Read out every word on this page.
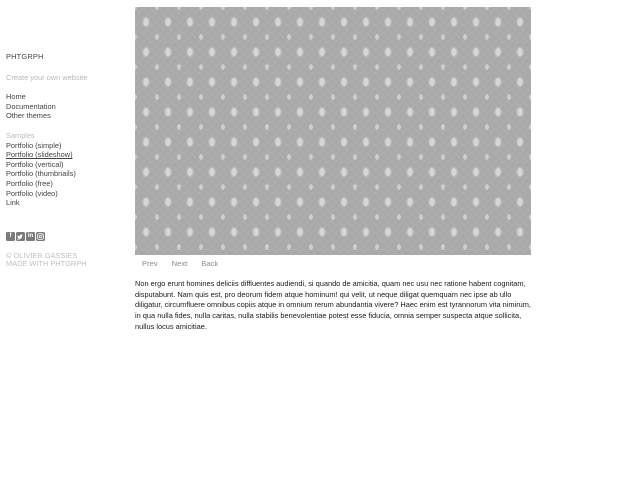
PHTGRPH
Create your own website
Home
Documentation
Other themes
Samples
Portfolio (simple)
Portfolio (slideshow)
Portfolio (vertical)
Portfolio (thumbnails)
Portfolio (free)
Portfolio (video)
Link
f	in
© OLIVIER GASSIES
MADE WITH PHTGRPH	Prev Next Back

Non ergo erunt homines deliciis diffluentes audiendi, si quando de amicitia, quam nec usu nec ratione habent cognitam, disputabunt. Nam quis est, pro deorum fidem atque hominum! qui velit, ut neque diligat quemquam nec ipse ab ullo diligatur, circumfluere omnibus copiis atque in omnium rerum abundantia vivere? Haec enim est tyrannorum vita nimirum, in qua nulla fides, nulla caritas, nulla stabilis benevolentiae potest esse fiducia, omnia semper suspecta atque sollicita, nullus locus amicitiae.
